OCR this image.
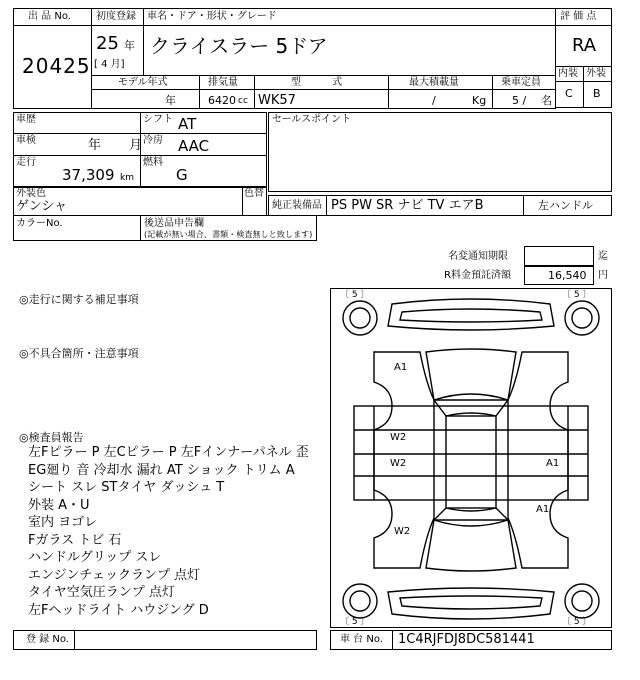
出 品 No.
20425
初度登録 車名・ドア・形状・グレード
25 年
[ 4 月]
クライスラー 5ドア
評 価 点
RA
内装 外装
C B
モデル年式	排気量	型 式	最大積載量	乗車定員
年	6420 cc WK57	/	Kg 5 / 名
車歴
車検	年 月
走行
37,309 km
シフト AT
冷房 AAC
燃料
G
セールスポイント
外装色
ゲンシャ
色替
純正装備品 PS PW SR ナビ TV エアB	左ハンドル
カラーNo.	後送品申告欄
(記載が無い場合、書類・検査無しと致します)
名変通知期限	迄
R料金預託済額	16,540 円
◎走行に関する補足事項
◎不具合箇所・注意事項
◎検査員報告
左Fピラー P 左Cピラー P 左Fインナーパネル 歪
EG廻り 音 冷却水 漏れ AT ショック トリム A
シート スレ STタイヤ ダッシュ T
外装 A・U
室内 ヨゴレ
Fガラス トビ 石
ハンドルグリップ スレ
エンジンチェックランプ 点灯
タイヤ空気圧ランプ 点灯
左Fヘッドライト ハウジング D
〔 5 〕	〔 5 〕
〔 5 〕	〔 5 〕
A1
W2
W2	A1
A1
W2
登 録 No.	車 台 No. 1C4RJFDJ8DC581441
